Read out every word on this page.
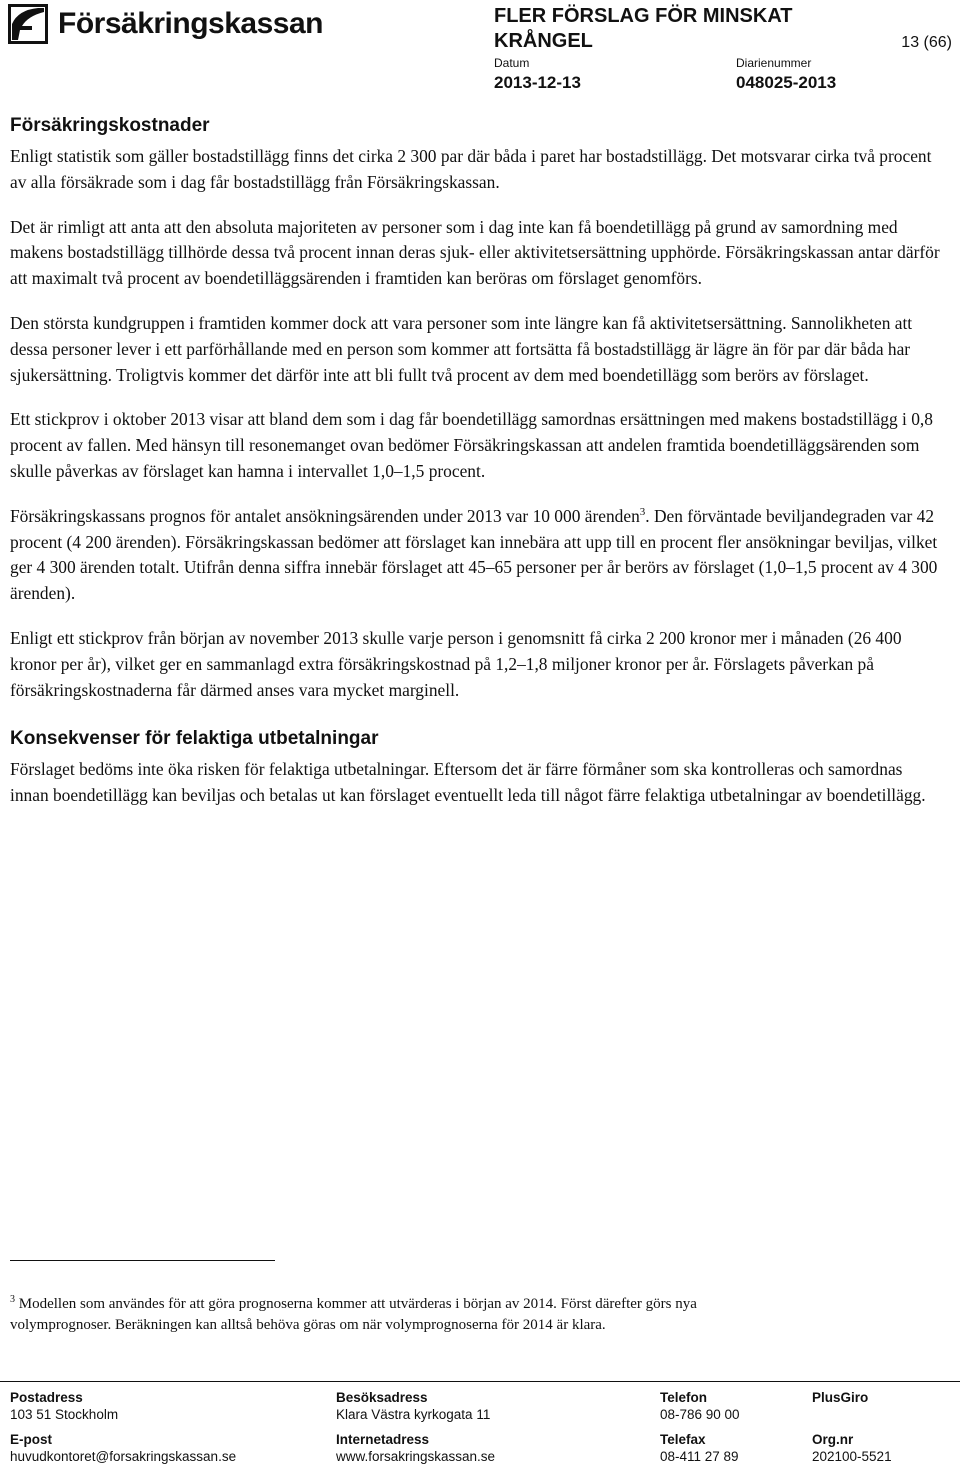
Försäkringskassan	FLER FÖRSLAG FÖR MINSKAT
KRÅNGEL	13 (66)
Datum
2013-12-13
Diarienummer
048025-2013
Försäkringskostnader

Enligt statistik som gäller bostadstillägg finns det cirka 2 300 par där båda i paret har bostadstillägg. Det motsvarar cirka två procent av alla försäkrade som i dag får bostadstillägg från Försäkringskassan.

Det är rimligt att anta att den absoluta majoriteten av personer som i dag inte kan få boendetillägg på grund av samordning med makens bostadstillägg tillhörde dessa två procent innan deras sjuk- eller aktivitetsersättning upphörde. Försäkringskassan antar därför att maximalt två procent av boendetilläggsärenden i framtiden kan beröras om förslaget genomförs.

Den största kundgruppen i framtiden kommer dock att vara personer som inte längre kan få aktivitetsersättning. Sannolikheten att dessa personer lever i ett parförhållande med en person som kommer att fortsätta få bostadstillägg är lägre än för par där båda har sjukersättning. Troligtvis kommer det därför inte att bli fullt två procent av dem med boendetillägg som berörs av förslaget.

Ett stickprov i oktober 2013 visar att bland dem som i dag får boendetillägg samordnas ersättningen med makens bostadstillägg i 0,8 procent av fallen. Med hänsyn till resonemanget ovan bedömer Försäkringskassan att andelen framtida boendetilläggsärenden som skulle påverkas av förslaget kan hamna i intervallet 1,0–1,5 procent.

Försäkringskassans prognos för antalet ansökningsärenden under 2013 var 10 000 ärenden$^3$. Den förväntade beviljandegraden var 42 procent (4 200 ärenden). Försäkringskassan bedömer att förslaget kan innebära att upp till en procent fler ansökningar beviljas, vilket ger 4 300 ärenden totalt. Utifrån denna siffra innebär förslaget att 45–65 personer per år berörs av förslaget (1,0–1,5 procent av 4 300 ärenden).

Enligt ett stickprov från början av november 2013 skulle varje person i genomsnitt få cirka 2 200 kronor mer i månaden (26 400 kronor per år), vilket ger en sammanlagd extra försäkringskostnad på 1,2–1,8 miljoner kronor per år. Förslagets påverkan på försäkringskostnaderna får därmed anses vara mycket marginell.

Konsekvenser för felaktiga utbetalningar

Förslaget bedöms inte öka risken för felaktiga utbetalningar. Eftersom det är färre förmåner som ska kontrolleras och samordnas innan boendetillägg kan beviljas och betalas ut kan förslaget eventuellt leda till något färre felaktiga utbetalningar av boendetillägg.

$^3$ Modellen som användes för att göra prognoserna kommer att utvärderas i början av 2014. Först därefter görs nya volymprognoser. Beräkningen kan alltså behöva göras om när volymprognoserna för 2014 är klara.
Postadress	Besöksadress	Telefon	PlusGiro
103 51 Stockholm	Klara Västra kyrkogata 11	08-786 90 00
E-post	Internetadress	Telefax	Org.nr
huvudkontoret@forsakringskassan.se	www.forsakringskassan.se	08-411 27 89	202100-5521
